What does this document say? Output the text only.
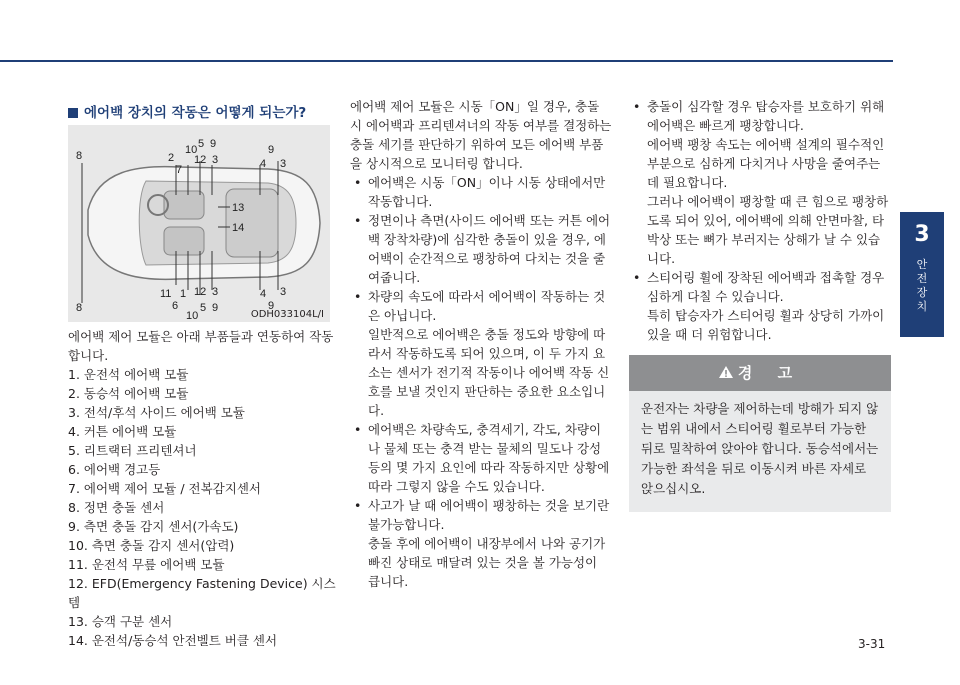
3
안전 장치
에어백 장치의 작동은 어떻게 되는가?
8
8
2
7
10 5 9
12 3
9
4 3
13
14
11 1
6
10
12
5
3
9
4 3
9
ODH033104L/I

에어백 제어 모듈은 아래 부품들과 연동하여 작동합니다.

1. 운전석 에어백 모듈
2. 동승석 에어백 모듈
3. 전석/후석 사이드 에어백 모듈
4. 커튼 에어백 모듈
5. 리트랙터 프리텐셔너
6. 에어백 경고등
7. 에어백 제어 모듈 / 전복감지센서
8. 정면 충돌 센서
9. 측면 충돌 감지 센서(가속도)
10. 측면 충돌 감지 센서(압력)
11. 운전석 무릎 에어백 모듈
12. EFD(Emergency Fastening Device) 시스템
13. 승객 구분 센서
14. 운전석/동승석 안전벨트 버클 센서

에어백 제어 모듈은 시동「ON」일 경우, 충돌 시 에어백과 프리텐셔너의 작동 여부를 결정하는 충돌 세기를 판단하기 위하여 모든 에어백 부품을 상시적으로 모니터링 합니다.

• 에어백은 시동「ON」이나 시동 상태에서만 작동합니다.
• 정면이나 측면(사이드 에어백 또는 커튼 에어백 장착차량)에 심각한 충돌이 있을 경우, 에어백이 순간적으로 팽창하여 다치는 것을 줄여줍니다.
• 차량의 속도에 따라서 에어백이 작동하는 것은 아닙니다.
일반적으로 에어백은 충돌 정도와 방향에 따라서 작동하도록 되어 있으며, 이 두 가지 요소는 센서가 전기적 작동이나 에어백 작동 신호를 보낼 것인지 판단하는 중요한 요소입니다.
• 에어백은 차량속도, 충격세기, 각도, 차량이나 물체 또는 충격 받는 물체의 밀도나 강성 등의 몇 가지 요인에 따라 작동하지만 상황에 따라 그렇지 않을 수도 있습니다.
• 사고가 날 때 에어백이 팽창하는 것을 보기란 불가능합니다.
충돌 후에 에어백이 내장부에서 나와 공기가 빠진 상태로 매달려 있는 것을 볼 가능성이 큽니다.
• 충돌이 심각할 경우 탑승자를 보호하기 위해 에어백은 빠르게 팽창합니다.
에어백 팽창 속도는 에어백 설계의 필수적인 부분으로 심하게 다치거나 사망을 줄여주는데 필요합니다.
그러나 에어백이 팽창할 때 큰 힘으로 팽창하도록 되어 있어, 에어백에 의해 안면마찰, 타박상 또는 뼈가 부러지는 상해가 날 수 있습니다.
• 스티어링 휠에 장착된 에어백과 접촉할 경우 심하게 다칠 수 있습니다.
특히 탑승자가 스티어링 휠과 상당히 가까이 있을 때 더 위험합니다.
경 고
운전자는 차량을 제어하는데 방해가 되지 않는 범위 내에서 스티어링 휠로부터 가능한 뒤로 밀착하여 앉아야 합니다. 동승석에서는 가능한 좌석을 뒤로 이동시켜 바른 자세로 앉으십시오.
3-31
